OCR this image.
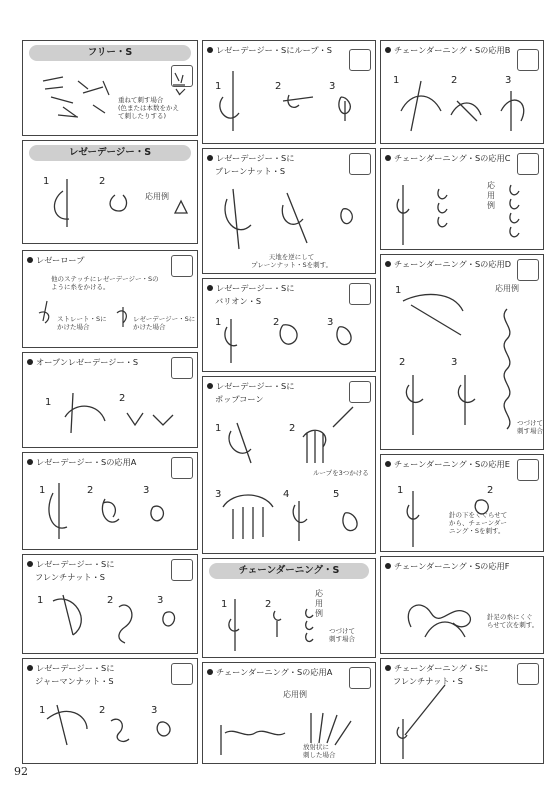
フリー・S
重ねて刺す場合
(色または本数をかえ
て刺したりする)
レゼーデージー・S
1	2
応用例
レゼーロープ
他のステッチにレゼーデージー・Sの
ように糸をかける。
ストレート・Sに
かけた場合
レゼーデージー・Sに
かけた場合
オープンレゼーデージー・S
1	2
レゼーデージー・Sの応用A
1	2	3
レゼーデージー・Sに
フレンチナット・S
1	2	3
レゼーデージー・Sに
ジャーマンナット・S
1	2	3
レゼーデージー・Sにループ・S
1	2	3
レゼーデージー・Sに
プレーンナット・S
天地を逆にして
プレーンナット・Sを刺す。
レゼーデージー・Sに
バリオン・S
1	2	3
レゼーデージー・Sに
ポップコーン
1	2
ループを3つかける
3	4	5
チェーンダーニング・S
1	2
応用例
つづけて
刺す場合
チェーンダーニング・Sの応用A
応用例
放射状に
刺した場合
チェーンダーニング・Sの応用B
1	2	3
チェーンダーニング・Sの応用C
応用例
チェーンダーニング・Sの応用D
1
2	3
応用例
つづけて
刺す場合
チェーンダーニング・Sの応用E
1	2
針の下をくぐらせて
から、チェーンダー
ニング・Sを刺す。
チェーンダーニング・Sの応用F
針足の糸にくぐ
らせて次を刺す。
チェーンダーニング・Sに
フレンチナット・S
92
